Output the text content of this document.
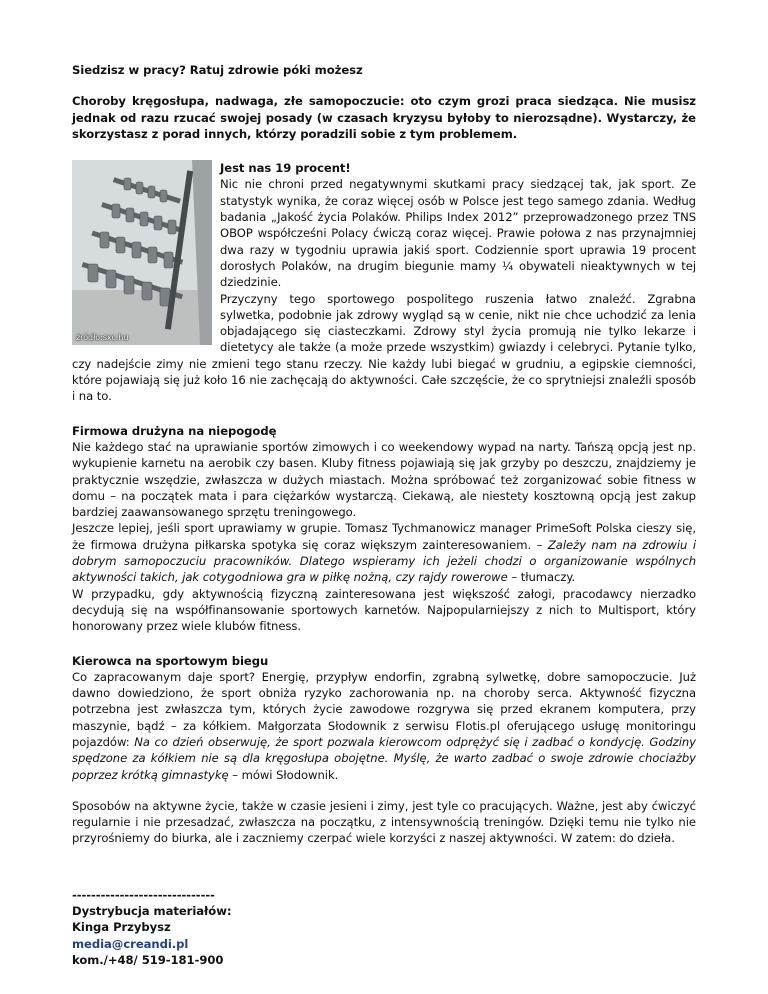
Siedzisz w pracy? Ratuj zdrowie póki możesz

Choroby kręgosłupa, nadwaga, złe samopoczucie: oto czym grozi praca siedząca. Nie musisz jednak od razu rzucać swojej posady (w czasach kryzysu byłoby to nierozsądne). Wystarczy, że skorzystasz z porad innych, którzy poradzili sobie z tym problemem.

źródło:sxc.hu

Jest nas 19 procent!

Nic nie chroni przed negatywnymi skutkami pracy siedzącej tak, jak sport. Ze statystyk wynika, że coraz więcej osób w Polsce jest tego samego zdania. Według badania „Jakość życia Polaków. Philips Index 2012” przeprowadzonego przez TNS OBOP współcześni Polacy ćwiczą coraz więcej. Prawie połowa z nas przynajmniej dwa razy w tygodniu uprawia jakiś sport. Codziennie sport uprawia 19 procent dorosłych Polaków, na drugim biegunie mamy ¼ obywateli nieaktywnych w tej dziedzinie.

Przyczyny tego sportowego pospolitego ruszenia łatwo znaleźć. Zgrabna sylwetka, podobnie jak zdrowy wygląd są w cenie, nikt nie chce uchodzić za lenia objadającego się ciasteczkami. Zdrowy styl życia promują nie tylko lekarze i dietetycy ale także (a może przede wszystkim) gwiazdy i celebryci. Pytanie tylko, czy nadejście zimy nie zmieni tego stanu rzeczy. Nie każdy lubi biegać w grudniu, a egipskie ciemności, które pojawiają się już koło 16 nie zachęcają do aktywności. Całe szczęście, że co sprytniejsi znaleźli sposób i na to.

Firmowa drużyna na niepogodę

Nie każdego stać na uprawianie sportów zimowych i co weekendowy wypad na narty. Tańszą opcją jest np. wykupienie karnetu na aerobik czy basen. Kluby fitness pojawiają się jak grzyby po deszczu, znajdziemy je praktycznie wszędzie, zwłaszcza w dużych miastach. Można spróbować też zorganizować sobie fitness w domu – na początek mata i para ciężarków wystarczą. Ciekawą, ale niestety kosztowną opcją jest zakup bardziej zaawansowanego sprzętu treningowego.

Jeszcze lepiej, jeśli sport uprawiamy w grupie. Tomasz Tychmanowicz manager PrimeSoft Polska cieszy się, że firmowa drużyna piłkarska spotyka się coraz większym zainteresowaniem. – Zależy nam na zdrowiu i dobrym samopoczuciu pracowników. Dlatego wspieramy ich jeżeli chodzi o organizowanie wspólnych aktywności takich, jak cotygodniowa gra w piłkę nożną, czy rajdy rowerowe – tłumaczy.

W przypadku, gdy aktywnością fizyczną zainteresowana jest większość załogi, pracodawcy nierzadko decydują się na współfinansowanie sportowych karnetów. Najpopularniejszy z nich to Multisport, który honorowany przez wiele klubów fitness.

Kierowca na sportowym biegu

Co zapracowanym daje sport? Energię, przypływ endorfin, zgrabną sylwetkę, dobre samopoczucie. Już dawno dowiedziono, że sport obniża ryzyko zachorowania np. na choroby serca. Aktywność fizyczna potrzebna jest zwłaszcza tym, których życie zawodowe rozgrywa się przed ekranem komputera, przy maszynie, bądź – za kółkiem. Małgorzata Słodownik z serwisu Flotis.pl oferującego usługę monitoringu pojazdów: Na co dzień obserwuję, że sport pozwala kierowcom odprężyć się i zadbać o kondycję. Godziny spędzone za kółkiem nie są dla kręgosłupa obojętne. Myślę, że warto zadbać o swoje zdrowie chociażby poprzez krótką gimnastykę – mówi Słodownik.

Sposobów na aktywne życie, także w czasie jesieni i zimy, jest tyle co pracujących. Ważne, jest aby ćwiczyć regularnie i nie przesadzać, zwłaszcza na początku, z intensywnością treningów. Dzięki temu nie tylko nie przyrośniemy do biurka, ale i zaczniemy czerpać wiele korzyści z naszej aktywności. W zatem: do dzieła.

------------------------------

Dystrybucja materiałów:

Kinga Przybysz

media@creandi.pl

kom./+48/ 519-181-900
